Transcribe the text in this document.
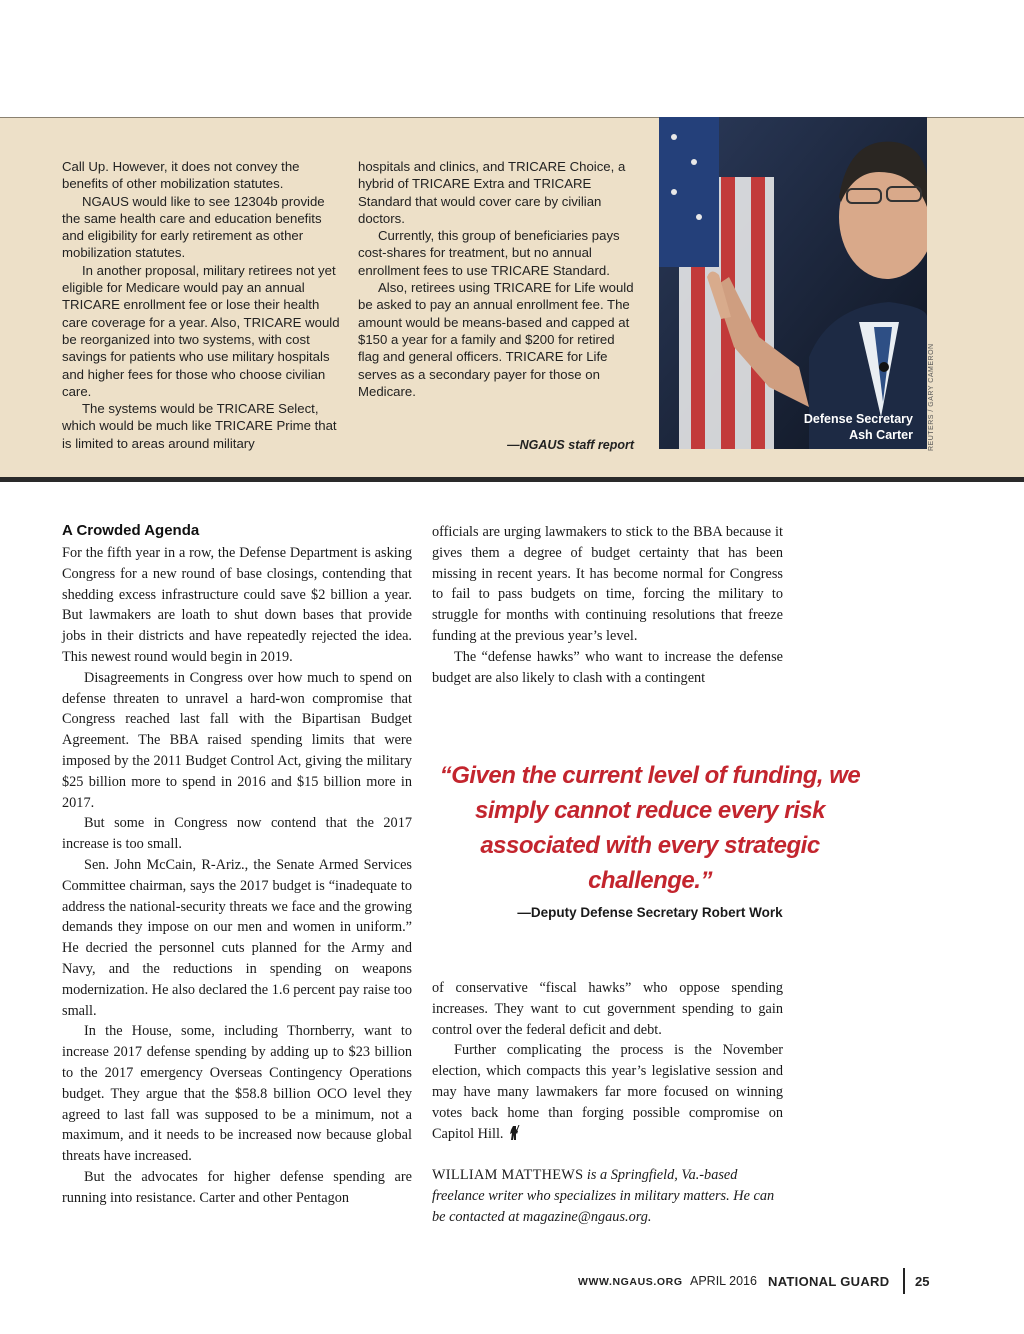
Call Up. However, it does not convey the benefits of other mobilization statutes.

NGAUS would like to see 12304b provide the same health care and education benefits and eligibility for early retirement as other mobilization statutes.

In another proposal, military retirees not yet eligible for Medicare would pay an annual TRICARE enrollment fee or lose their health care coverage for a year. Also, TRICARE would be reorganized into two systems, with cost savings for patients who use military hospitals and higher fees for those who choose civilian care.

The systems would be TRICARE Select, which would be much like TRICARE Prime that is limited to areas around military

hospitals and clinics, and TRICARE Choice, a hybrid of TRICARE Extra and TRICARE Standard that would cover care by civilian doctors.

Currently, this group of beneficiaries pays cost-shares for treatment, but no annual enrollment fees to use TRICARE Standard.

Also, retirees using TRICARE for Life would be asked to pay an annual enrollment fee. The amount would be means-based and capped at $150 a year for a family and $200 for retired flag and general officers. TRICARE for Life serves as a secondary payer for those on Medicare.

—NGAUS staff report
Defense Secretary
Ash Carter REUTERS / GARY CAMERON
A Crowded Agenda

For the fifth year in a row, the Defense Department is asking Congress for a new round of base closings, contending that shedding excess infrastructure could save $2 billion a year. But lawmakers are loath to shut down bases that provide jobs in their districts and have repeatedly rejected the idea. This newest round would begin in 2019.

Disagreements in Congress over how much to spend on defense threaten to unravel a hard-won compromise that Congress reached last fall with the Bipartisan Budget Agreement. The BBA raised spending limits that were imposed by the 2011 Budget Control Act, giving the military $25 billion more to spend in 2016 and $15 billion more in 2017.

But some in Congress now contend that the 2017 increase is too small.

Sen. John McCain, R-Ariz., the Senate Armed Services Committee chairman, says the 2017 budget is “inadequate to address the national-security threats we face and the growing demands they impose on our men and women in uniform.” He decried the personnel cuts planned for the Army and Navy, and the reductions in spending on weapons modernization. He also declared the 1.6 percent pay raise too small.

In the House, some, including Thornberry, want to increase 2017 defense spending by adding up to $23 billion to the 2017 emergency Overseas Contingency Operations budget. They argue that the $58.8 billion OCO level they agreed to last fall was supposed to be a minimum, not a maximum, and it needs to be increased now because global threats have increased.

But the advocates for higher defense spending are running into resistance. Carter and other Pentagon

officials are urging lawmakers to stick to the BBA because it gives them a degree of budget certainty that has been missing in recent years. It has become normal for Congress to fail to pass budgets on time, forcing the military to struggle for months with continuing resolutions that freeze funding at the previous year’s level.

The “defense hawks” who want to increase the defense budget are also likely to clash with a contingent

“Given the current level of funding, we simply cannot reduce every risk associated with every strategic challenge.”
—Deputy Defense Secretary Robert Work

of conservative “fiscal hawks” who oppose spending increases. They want to cut government spending to gain control over the federal deficit and debt.

Further complicating the process is the November election, which compacts this year’s legislative session and may have many lawmakers far more focused on winning votes back home than forging possible compromise on Capitol Hill.

WILLIAM MATTHEWS is a Springfield, Va.-based freelance writer who specializes in military matters. He can be contacted at magazine@ngaus.org.

WWW.NGAUS.ORG APRIL 2016 NATIONAL GUARD 25
